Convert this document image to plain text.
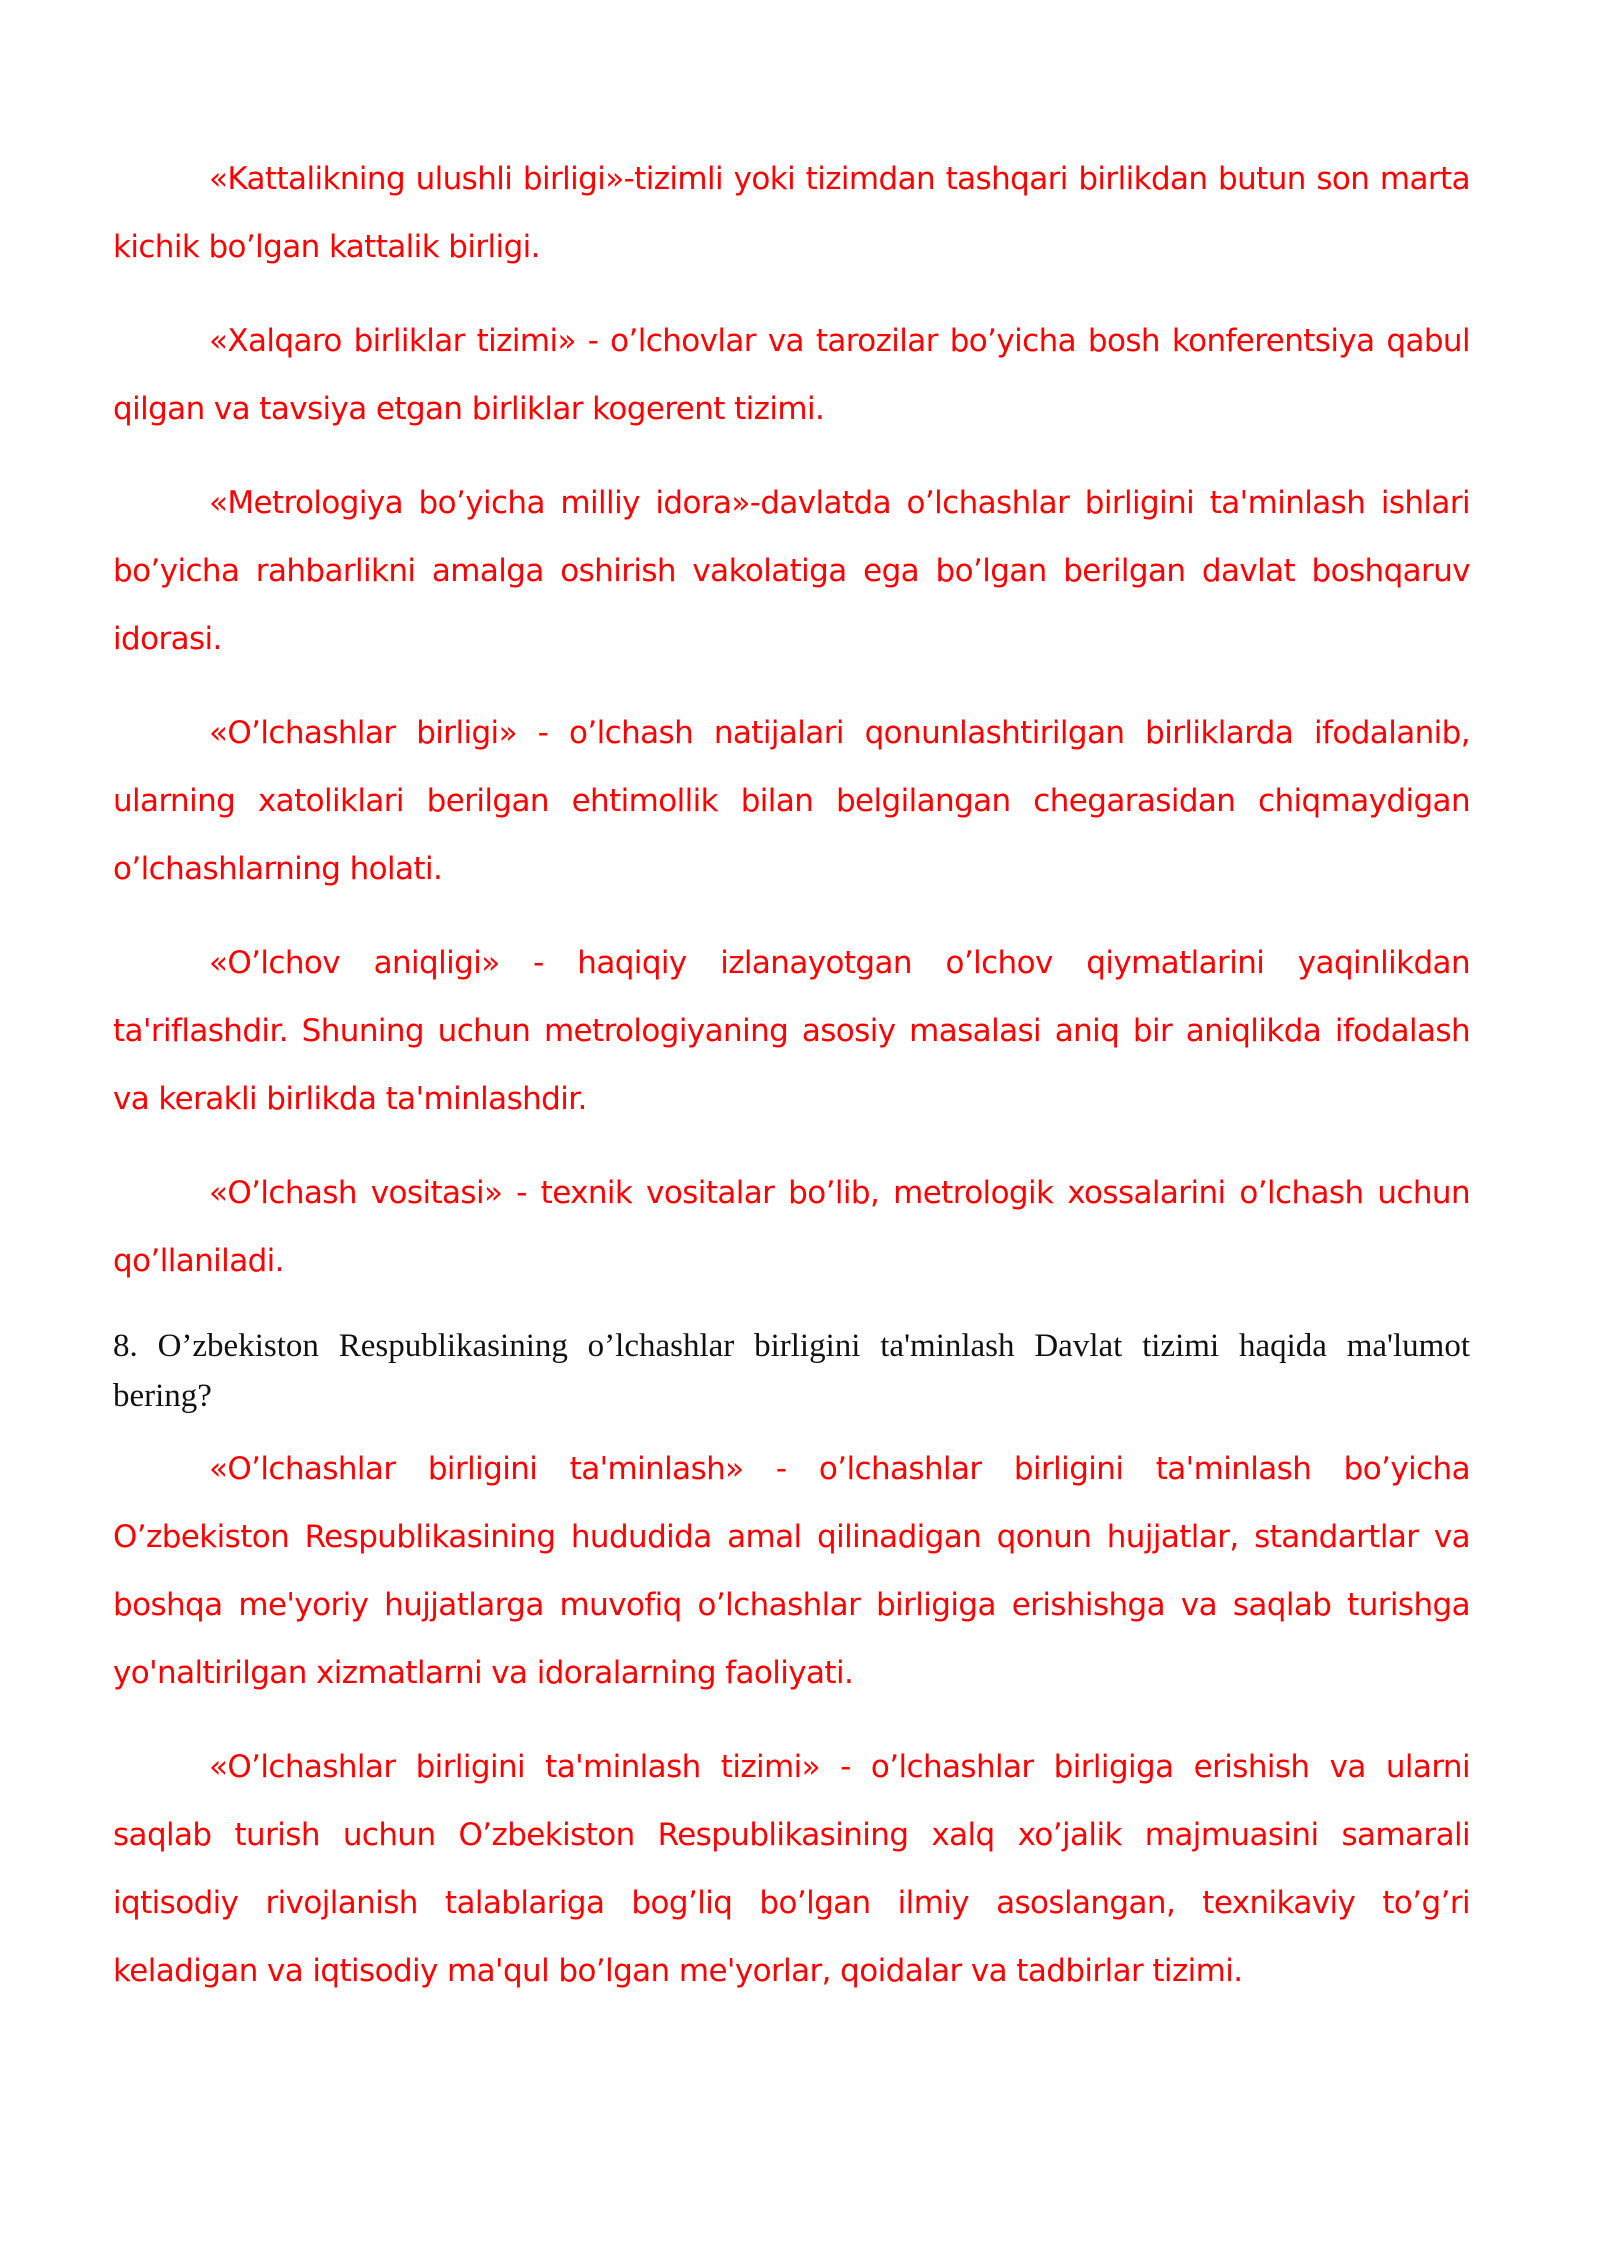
«Kattalikning ulushli birligi»-tizimli yoki tizimdan tashqari birlikdan butun son marta kichik bo’lgan kattalik birligi.

«Xalqaro birliklar tizimi» - o’lchovlar va tarozilar bo’yicha bosh konferentsiya qabul qilgan va tavsiya etgan birliklar kogerent tizimi.

«Metrologiya bo’yicha milliy idora»-davlatda o’lchashlar birligini ta'minlash ishlari bo’yicha rahbarlikni amalga oshirish vakolatiga ega bo’lgan berilgan davlat boshqaruv idorasi.

«O’lchashlar birligi» - o’lchash natijalari qonunlashtirilgan birliklarda ifodalanib, ularning xatoliklari berilgan ehtimollik bilan belgilangan chegarasidan chiqmaydigan o’lchashlarning holati.

«O’lchov aniqligi» - haqiqiy izlanayotgan o’lchov qiymatlarini yaqinlikdan ta'riflashdir. Shuning uchun metrologiyaning asosiy masalasi aniq bir aniqlikda ifodalash va kerakli birlikda ta'minlashdir.

«O’lchash vositasi» - texnik vositalar bo’lib, metrologik xossalarini o’lchash uchun qo’llaniladi.

8. O’zbekiston Respublikasining o’lchashlar birligini ta'minlash Davlat tizimi haqida ma'lumot bering?

«O’lchashlar birligini ta'minlash» - o’lchashlar birligini ta'minlash bo’yicha O’zbekiston Respublikasining hududida amal qilinadigan qonun hujjatlar, standartlar va boshqa me'yoriy hujjatlarga muvofiq o’lchashlar birligiga erishishga va saqlab turishga yo'naltirilgan xizmatlarni va idoralarning faoliyati.

«O’lchashlar birligini ta'minlash tizimi» - o’lchashlar birligiga erishish va ularni saqlab turish uchun O’zbekiston Respublikasining xalq xo’jalik majmuasini samarali iqtisodiy rivojlanish talablariga bog’liq bo’lgan ilmiy asoslangan, texnikaviy to’g’ri keladigan va iqtisodiy ma'qul bo’lgan me'yorlar, qoidalar va tadbirlar tizimi.
